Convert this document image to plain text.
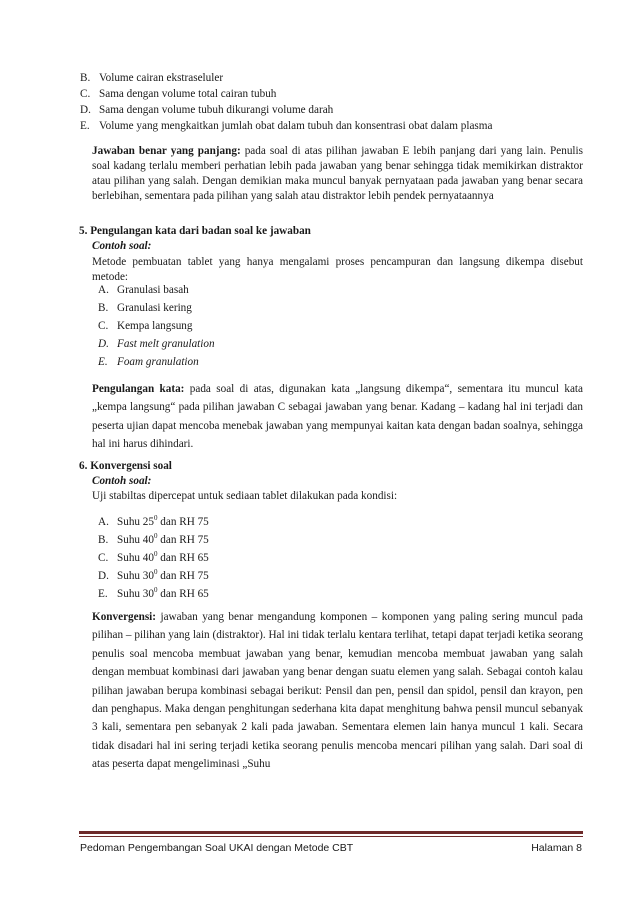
B. Volume cairan ekstraseluler
C. Sama dengan volume total cairan tubuh
D. Sama dengan volume tubuh dikurangi volume darah
E. Volume yang mengkaitkan jumlah obat dalam tubuh dan konsentrasi obat dalam plasma

Jawaban benar yang panjang: pada soal di atas pilihan jawaban E lebih panjang dari yang lain. Penulis soal kadang terlalu memberi perhatian lebih pada jawaban yang benar sehingga tidak memikirkan distraktor atau pilihan yang salah. Dengan demikian maka muncul banyak pernyataan pada jawaban yang benar secara berlebihan, sementara pada pilihan yang salah atau distraktor lebih pendek pernyataannya

5. Pengulangan kata dari badan soal ke jawaban
Contoh soal:

Metode pembuatan tablet yang hanya mengalami proses pencampuran dan langsung dikempa disebut metode:

A. Granulasi basah
B. Granulasi kering
C. Kempa langsung
D. Fast melt granulation
E. Foam granulation

Pengulangan kata: pada soal di atas, digunakan kata „langsung dikempa“, sementara itu muncul kata „kempa langsung“ pada pilihan jawaban C sebagai jawaban yang benar. Kadang – kadang hal ini terjadi dan peserta ujian dapat mencoba menebak jawaban yang mempunyai kaitan kata dengan badan soalnya, sehingga hal ini harus dihindari.

6. Konvergensi soal
Contoh soal:
Uji stabiltas dipercepat untuk sediaan tablet dilakukan pada kondisi:
A. Suhu $25^0$ dan RH 75
B. Suhu $40^0$ dan RH 75
C. Suhu $40^0$ dan RH 65
D. Suhu $30^0$ dan RH 75
E. Suhu $30^0$ dan RH 65

Konvergensi: jawaban yang benar mengandung komponen – komponen yang paling sering muncul pada pilihan – pilihan yang lain (distraktor). Hal ini tidak terlalu kentara terlihat, tetapi dapat terjadi ketika seorang penulis soal mencoba membuat jawaban yang benar, kemudian mencoba membuat jawaban yang salah dengan membuat kombinasi dari jawaban yang benar dengan suatu elemen yang salah. Sebagai contoh kalau pilihan jawaban berupa kombinasi sebagai berikut: Pensil dan pen, pensil dan spidol, pensil dan krayon, pen dan penghapus. Maka dengan penghitungan sederhana kita dapat menghitung bahwa pensil muncul sebanyak 3 kali, sementara pen sebanyak 2 kali pada jawaban. Sementara elemen lain hanya muncul 1 kali. Secara tidak disadari hal ini sering terjadi ketika seorang penulis mencoba mencari pilihan yang salah. Dari soal di atas peserta dapat mengeliminasi „Suhu

Pedoman Pengembangan Soal UKAI dengan Metode CBT	Halaman 8
